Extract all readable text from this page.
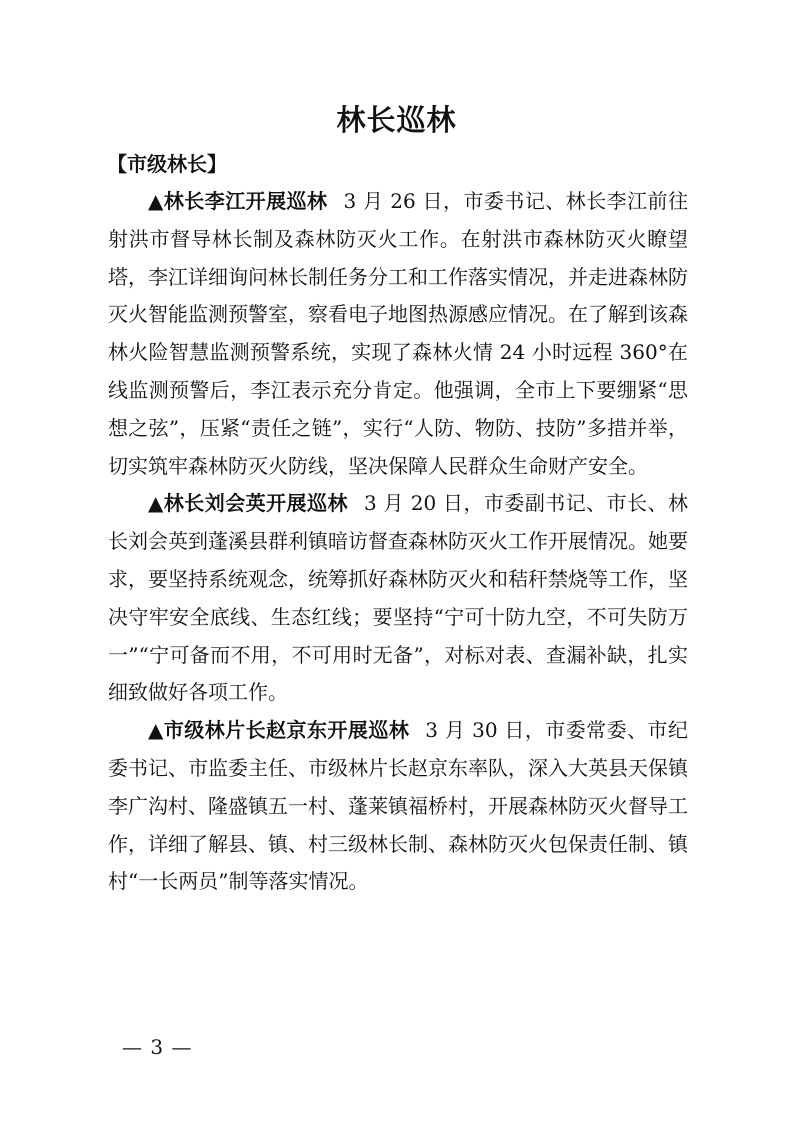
林长巡林

【市级林长】

▲林长李江开展巡林 3 月 26 日，市委书记、林长李江前往射洪市督导林长制及森林防灭火工作。在射洪市森林防灭火瞭望塔，李江详细询问林长制任务分工和工作落实情况，并走进森林防灭火智能监测预警室，察看电子地图热源感应情况。在了解到该森林火险智慧监测预警系统，实现了森林火情 24 小时远程 360°在线监测预警后，李江表示充分肯定。他强调，全市上下要绷紧“思想之弦”，压紧“责任之链”，实行“人防、物防、技防”多措并举，切实筑牢森林防灭火防线，坚决保障人民群众生命财产安全。

▲林长刘会英开展巡林 3 月 20 日，市委副书记、市长、林长刘会英到蓬溪县群利镇暗访督查森林防灭火工作开展情况。她要求，要坚持系统观念，统筹抓好森林防灭火和秸秆禁烧等工作，坚决守牢安全底线、生态红线；要坚持“宁可十防九空，不可失防万一”“宁可备而不用，不可用时无备”，对标对表、查漏补缺，扎实细致做好各项工作。

▲市级林片长赵京东开展巡林 3 月 30 日，市委常委、市纪委书记、市监委主任、市级林片长赵京东率队，深入大英县天保镇李广沟村、隆盛镇五一村、蓬莱镇福桥村，开展森林防灭火督导工作，详细了解县、镇、村三级林长制、森林防灭火包保责任制、镇村“一长两员”制等落实情况。

— 3 —
